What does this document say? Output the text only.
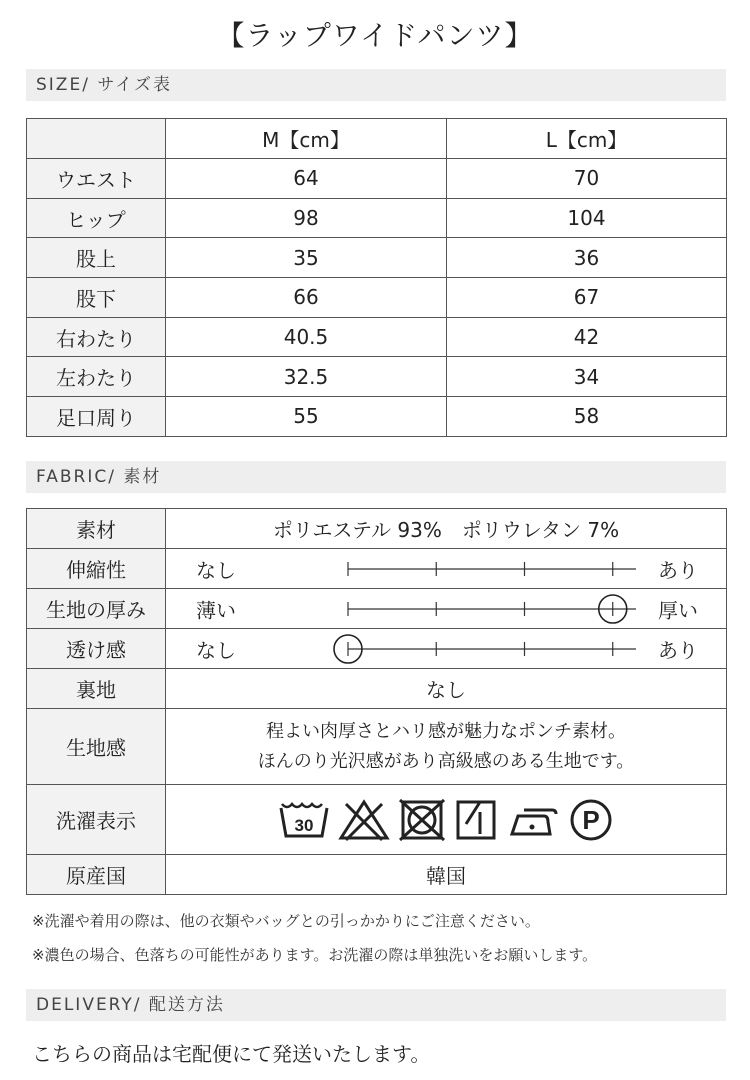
【ラップワイドパンツ】
SIZE/ サイズ表
	M【cm】	L【cm】
ウエスト	64	70
ヒップ	98	104
股上	35	36
股下	66	67
右わたり	40.5	42
左わたり	32.5	34
足口周り	55	58
FABRIC/ 素材
素材	ポリエステル 93%　ポリウレタン 7%
伸縮性	なし あり

生地の厚み	薄い 厚い

透け感	なし あり

裏地	なし
生地感	程よい肉厚さとハリ感が魅力なポンチ素材。
ほんのり光沢感があり高級感のある生地です。

洗濯表示	30 P

原産国	韓国
※洗濯や着用の際は、他の衣類やバッグとの引っかかりにご注意ください。
※濃色の場合、色落ちの可能性があります。お洗濯の際は単独洗いをお願いします。
DELIVERY/ 配送方法
こちらの商品は宅配便にて発送いたします。
